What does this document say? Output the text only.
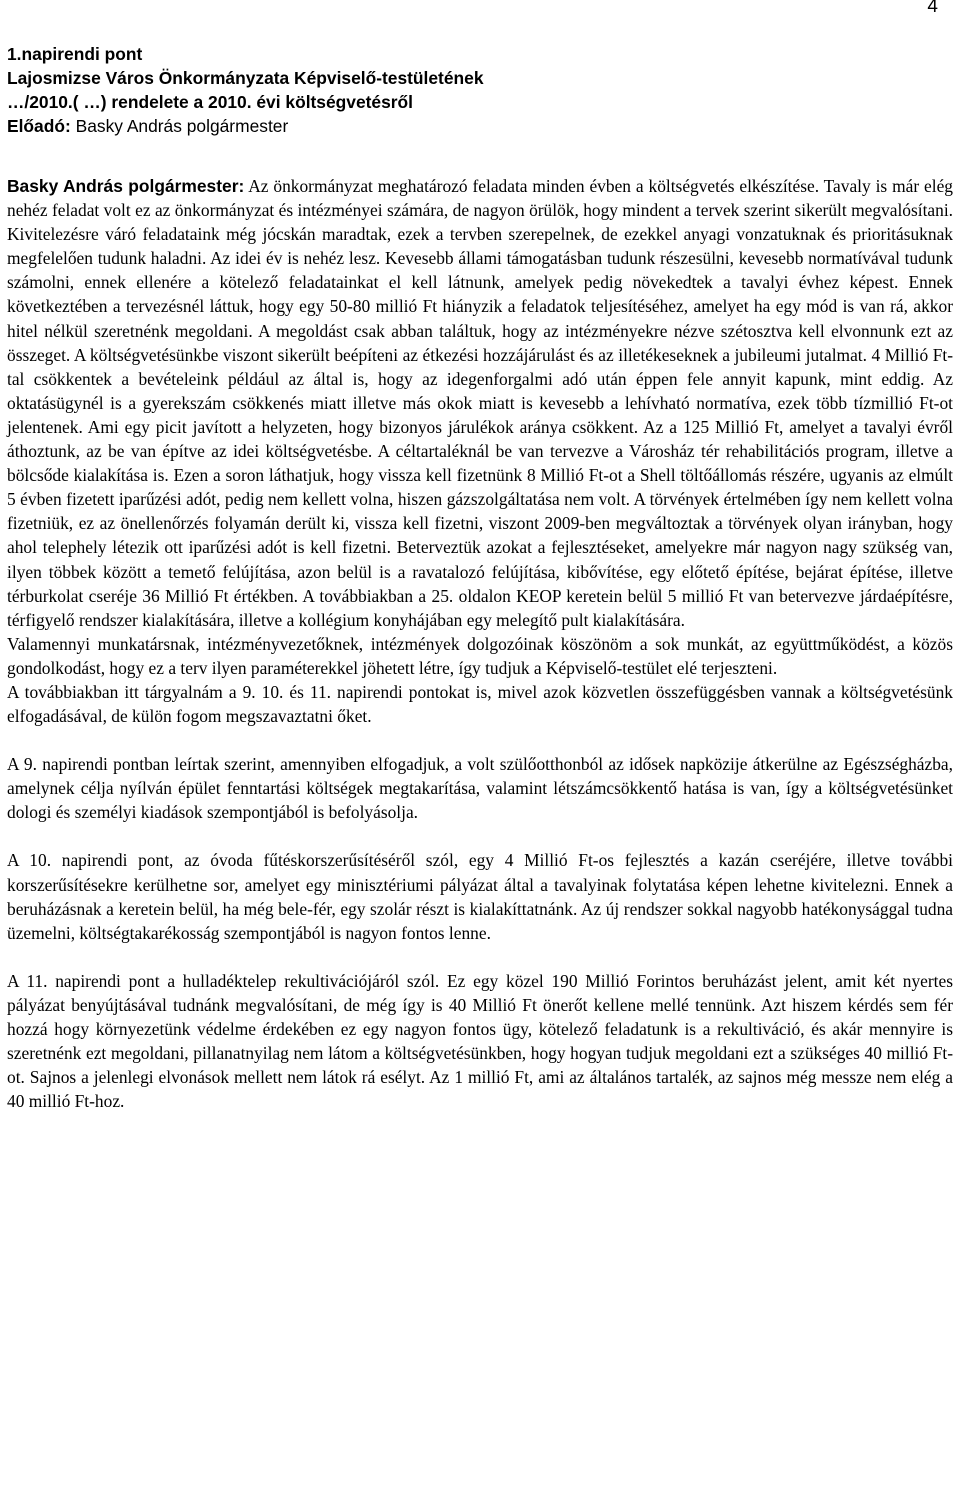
4
1.napirendi pont
Lajosmizse Város Önkormányzata Képviselő-testületének
…/2010.( …) rendelete a 2010. évi költségvetésről
Előadó: Basky András polgármester

Basky András polgármester: Az önkormányzat meghatározó feladata minden évben a költségvetés elkészítése. Tavaly is már elég nehéz feladat volt ez az önkormányzat és intézményei számára, de nagyon örülök, hogy mindent a tervek szerint sikerült megvalósítani. Kivitelezésre váró feladataink még jócskán maradtak, ezek a tervben szerepelnek, de ezekkel anyagi vonzatuknak és prioritásuknak megfelelően tudunk haladni. Az idei év is nehéz lesz. Kevesebb állami támogatásban tudunk részesülni, kevesebb normatívával tudunk számolni, ennek ellenére a kötelező feladatainkat el kell látnunk, amelyek pedig növekedtek a tavalyi évhez képest. Ennek következtében a tervezésnél láttuk, hogy egy 50-80 millió Ft hiányzik a feladatok teljesítéséhez, amelyet ha egy mód is van rá, akkor hitel nélkül szeretnénk megoldani. A megoldást csak abban találtuk, hogy az intézményekre nézve szétosztva kell elvonnunk ezt az összeget. A költségvetésünkbe viszont sikerült beépíteni az étkezési hozzájárulást és az illetékeseknek a jubileumi jutalmat. 4 Millió Ft-tal csökkentek a bevételeink például az által is, hogy az idegenforgalmi adó után éppen fele annyit kapunk, mint eddig. Az oktatásügynél is a gyerekszám csökkenés miatt illetve más okok miatt is kevesebb a lehívható normatíva, ezek több tízmillió Ft-ot jelentenek. Ami egy picit javított a helyzeten, hogy bizonyos járulékok aránya csökkent. Az a 125 Millió Ft, amelyet a tavalyi évről áthoztunk, az be van építve az idei költségvetésbe. A céltartaléknál be van tervezve a Városház tér rehabilitációs program, illetve a bölcsőde kialakítása is. Ezen a soron láthatjuk, hogy vissza kell fizetnünk 8 Millió Ft-ot a Shell töltőállomás részére, ugyanis az elmúlt 5 évben fizetett iparűzési adót, pedig nem kellett volna, hiszen gázszolgáltatása nem volt. A törvények értelmében így nem kellett volna fizetniük, ez az önellenőrzés folyamán derült ki, vissza kell fizetni, viszont 2009-ben megváltoztak a törvények olyan irányban, hogy ahol telephely létezik ott iparűzési adót is kell fizetni. Beterveztük azokat a fejlesztéseket, amelyekre már nagyon nagy szükség van, ilyen többek között a temető felújítása, azon belül is a ravatalozó felújítása, kibővítése, egy előtető építése, bejárat építése, illetve térburkolat cseréje 36 Millió Ft értékben. A továbbiakban a 25. oldalon KEOP keretein belül 5 millió Ft van betervezve járdaépítésre, térfigyelő rendszer kialakítására, illetve a kollégium konyhájában egy melegítő pult kialakítására.

Valamennyi munkatársnak, intézményvezetőknek, intézmények dolgozóinak köszönöm a sok munkát, az együttműködést, a közös gondolkodást, hogy ez a terv ilyen paraméterekkel jöhetett létre, így tudjuk a Képviselő-testület elé terjeszteni.

A továbbiakban itt tárgyalnám a 9. 10. és 11. napirendi pontokat is, mivel azok közvetlen összefüggésben vannak a költségvetésünk elfogadásával, de külön fogom megszavaztatni őket.

A 9. napirendi pontban leírtak szerint, amennyiben elfogadjuk, a volt szülőotthonból az idősek napközije átkerülne az Egészségházba, amelynek célja nyílván épület fenntartási költségek megtakarítása, valamint létszámcsökkentő hatása is van, így a költségvetésünket dologi és személyi kiadások szempontjából is befolyásolja.

A 10. napirendi pont, az óvoda fűtéskorszerűsítéséről szól, egy 4 Millió Ft-os fejlesztés a kazán cseréjére, illetve további korszerűsítésekre kerülhetne sor, amelyet egy minisztériumi pályázat által a tavalyinak folytatása képen lehetne kivitelezni. Ennek a beruházásnak a keretein belül, ha még bele-fér, egy szolár részt is kialakíttatnánk. Az új rendszer sokkal nagyobb hatékonysággal tudna üzemelni, költségtakarékosság szempontjából is nagyon fontos lenne.

A 11. napirendi pont a hulladéktelep rekultivációjáról szól. Ez egy közel 190 Millió Forintos beruházást jelent, amit két nyertes pályázat benyújtásával tudnánk megvalósítani, de még így is 40 Millió Ft önerőt kellene mellé tennünk. Azt hiszem kérdés sem fér hozzá hogy környezetünk védelme érdekében ez egy nagyon fontos ügy, kötelező feladatunk is a rekultiváció, és akár mennyire is szeretnénk ezt megoldani, pillanatnyilag nem látom a költségvetésünkben, hogy hogyan tudjuk megoldani ezt a szükséges 40 millió Ft-ot. Sajnos a jelenlegi elvonások mellett nem látok rá esélyt. Az 1 millió Ft, ami az általános tartalék, az sajnos még messze nem elég a 40 millió Ft-hoz.
